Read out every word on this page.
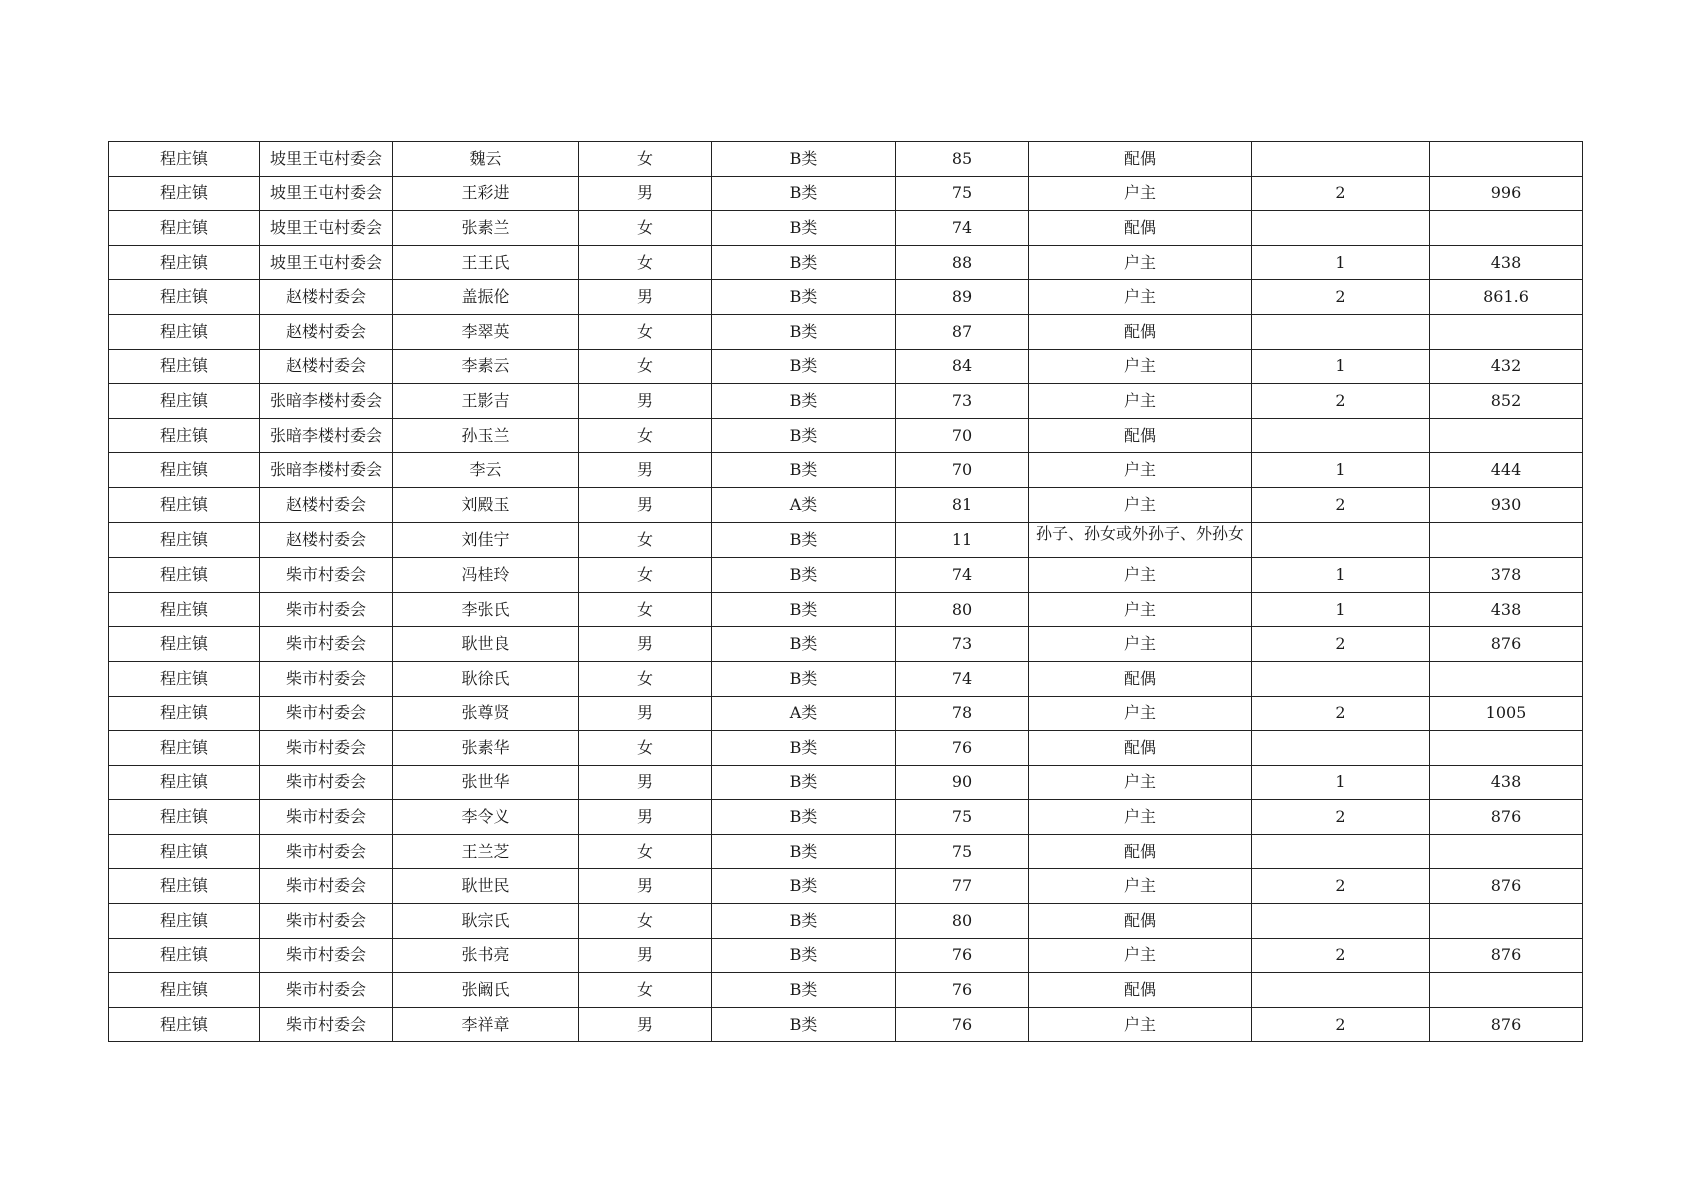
程庄镇	坡里王屯村委会	魏云	女	B类	85	配偶		
程庄镇	坡里王屯村委会	王彩进	男	B类	75	户主	2	996
程庄镇	坡里王屯村委会	张素兰	女	B类	74	配偶		
程庄镇	坡里王屯村委会	王王氏	女	B类	88	户主	1	438
程庄镇	赵楼村委会	盖振伦	男	B类	89	户主	2	861.6
程庄镇	赵楼村委会	李翠英	女	B类	87	配偶		
程庄镇	赵楼村委会	李素云	女	B类	84	户主	1	432
程庄镇	张暗李楼村委会	王影吉	男	B类	73	户主	2	852
程庄镇	张暗李楼村委会	孙玉兰	女	B类	70	配偶		
程庄镇	张暗李楼村委会	李云	男	B类	70	户主	1	444
程庄镇	赵楼村委会	刘殿玉	男	A类	81	户主	2	930
程庄镇	赵楼村委会	刘佳宁	女	B类	11	孙子、孙女或外孙子、外孙女		
程庄镇	柴市村委会	冯桂玲	女	B类	74	户主	1	378
程庄镇	柴市村委会	李张氏	女	B类	80	户主	1	438
程庄镇	柴市村委会	耿世良	男	B类	73	户主	2	876
程庄镇	柴市村委会	耿徐氏	女	B类	74	配偶		
程庄镇	柴市村委会	张尊贤	男	A类	78	户主	2	1005
程庄镇	柴市村委会	张素华	女	B类	76	配偶		
程庄镇	柴市村委会	张世华	男	B类	90	户主	1	438
程庄镇	柴市村委会	李令义	男	B类	75	户主	2	876
程庄镇	柴市村委会	王兰芝	女	B类	75	配偶		
程庄镇	柴市村委会	耿世民	男	B类	77	户主	2	876
程庄镇	柴市村委会	耿宗氏	女	B类	80	配偶		
程庄镇	柴市村委会	张书亮	男	B类	76	户主	2	876
程庄镇	柴市村委会	张阚氏	女	B类	76	配偶		
程庄镇	柴市村委会	李祥章	男	B类	76	户主	2	876
